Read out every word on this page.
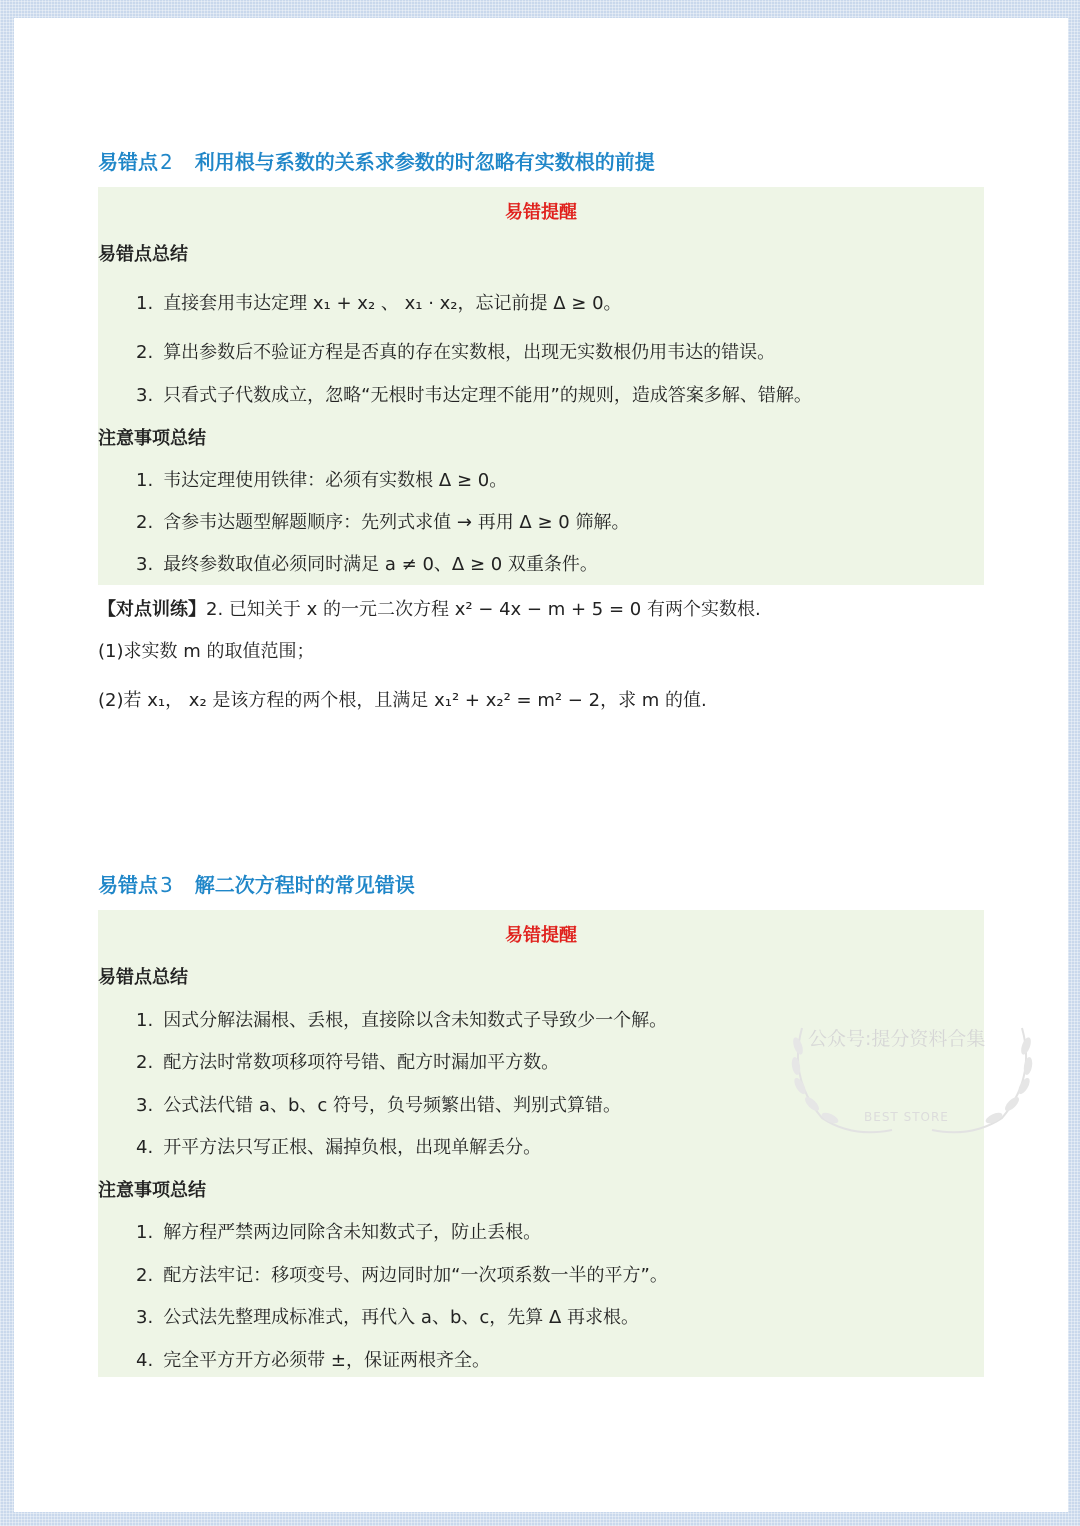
易错点 2 利用根与系数的关系求参数的时忽略有实数根的前提
易错提醒
易错点总结
1. 直接套用韦达定理 x₁ + x₂ 、 x₁ · x₂，忘记前提 Δ ≥ 0。
2. 算出参数后不验证方程是否真的存在实数根，出现无实数根仍用韦达的错误。
3. 只看式子代数成立，忽略“无根时韦达定理不能用”的规则，造成答案多解、错解。
注意事项总结
1. 韦达定理使用铁律：必须有实数根 Δ ≥ 0。
2. 含参韦达题型解题顺序：先列式求值 → 再用 Δ ≥ 0 筛解。
3. 最终参数取值必须同时满足 a ≠ 0、Δ ≥ 0 双重条件。
【对点训练】2. 已知关于 x 的一元二次方程 x² − 4x − m + 5 = 0 有两个实数根.
(1)求实数 m 的取值范围；
(2)若 x₁， x₂ 是该方程的两个根，且满足 x₁² + x₂² = m² − 2，求 m 的值.
易错点 3 解二次方程时的常见错误
易错提醒
易错点总结
1. 因式分解法漏根、丢根，直接除以含未知数式子导致少一个解。
2. 配方法时常数项移项符号错、配方时漏加平方数。
3. 公式法代错 a、b、c 符号，负号频繁出错、判别式算错。
4. 开平方法只写正根、漏掉负根，出现单解丢分。
注意事项总结
1. 解方程严禁两边同除含未知数式子，防止丢根。
2. 配方法牢记：移项变号、两边同时加“一次项系数一半的平方”。
3. 公式法先整理成标准式，再代入 a、b、c，先算 Δ 再求根。
4. 完全平方开方必须带 ±，保证两根齐全。
公众号:提分资料合集
BEST STORE
